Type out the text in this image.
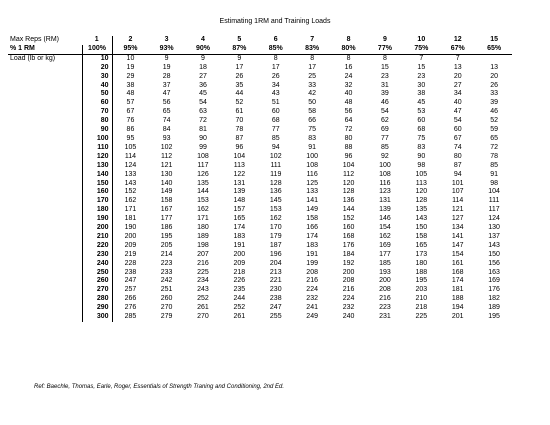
Estimating 1RM and Training Loads
Max Reps (RM)	1	2	3	4	5	6	7	8	9	10	12	15
% 1 RM	100%	95%	93%	90%	87%	85%	83%	80%	77%	75%	67%	65%
Load (lb or kg)	10	10	9	9	9	8	8	8	8	7	7	
	20	19	19	18	17	17	17	16	15	15	13	13
	30	29	28	27	26	26	25	24	23	23	20	20
	40	38	37	36	35	34	33	32	31	30	27	26
	50	48	47	45	44	43	42	40	39	38	34	33
	60	57	56	54	52	51	50	48	46	45	40	39
	70	67	65	63	61	60	58	56	54	53	47	46
	80	76	74	72	70	68	66	64	62	60	54	52
	90	86	84	81	78	77	75	72	69	68	60	59
	100	95	93	90	87	85	83	80	77	75	67	65
	110	105	102	99	96	94	91	88	85	83	74	72
	120	114	112	108	104	102	100	96	92	90	80	78
	130	124	121	117	113	111	108	104	100	98	87	85
	140	133	130	126	122	119	116	112	108	105	94	91
	150	143	140	135	131	128	125	120	116	113	101	98
	160	152	149	144	139	136	133	128	123	120	107	104
	170	162	158	153	148	145	141	136	131	128	114	111
	180	171	167	162	157	153	149	144	139	135	121	117
	190	181	177	171	165	162	158	152	146	143	127	124
	200	190	186	180	174	170	166	160	154	150	134	130
	210	200	195	189	183	179	174	168	162	158	141	137
	220	209	205	198	191	187	183	176	169	165	147	143
	230	219	214	207	200	196	191	184	177	173	154	150
	240	228	223	216	209	204	199	192	185	180	161	156
	250	238	233	225	218	213	208	200	193	188	168	163
	260	247	242	234	226	221	216	208	200	195	174	169
	270	257	251	243	235	230	224	216	208	203	181	176
	280	266	260	252	244	238	232	224	216	210	188	182
	290	276	270	261	252	247	241	232	223	218	194	189
	300	285	279	270	261	255	249	240	231	225	201	195
Ref: Baechle, Thomas, Earle, Roger, Essentials of Strength Traning and Conditioning, 2nd Ed.
